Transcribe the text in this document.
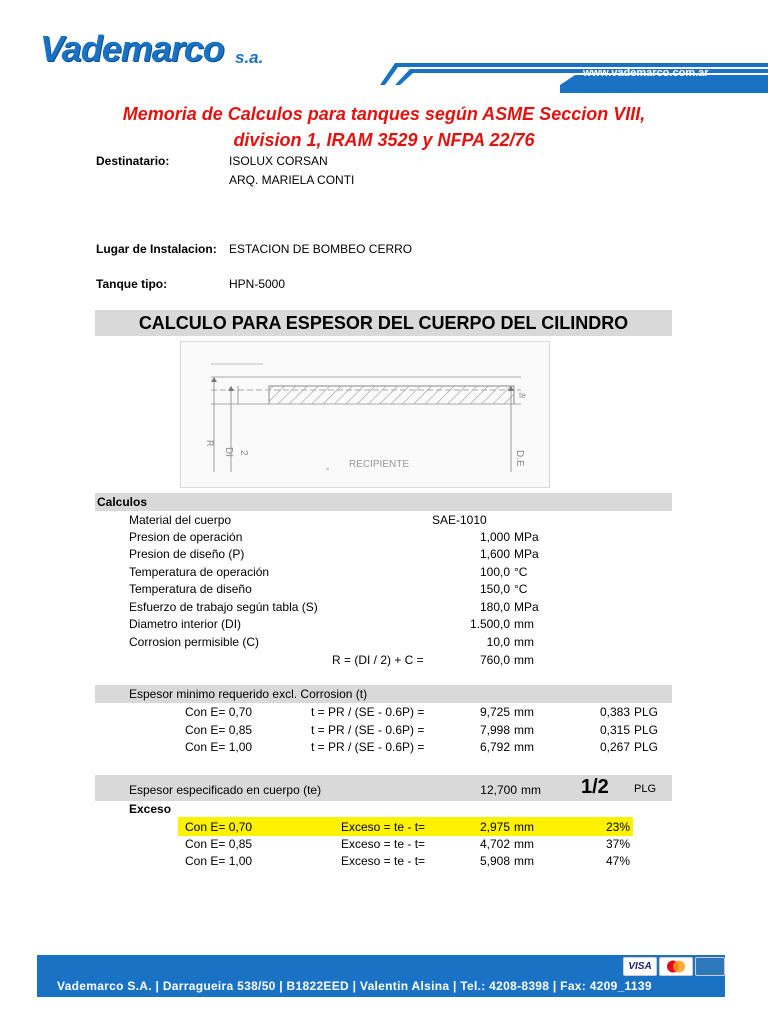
Vademarco s.a.
www.vademarco.com.ar
Memoria de Calculos para tanques según ASME Seccion VIII,
division 1, IRAM 3529 y NFPA 22/76
Destinatario:	ISOLUX CORSAN
ARQ. MARIELA CONTI
Lugar de Instalacion: ESTACION DE BOMBEO CERRO
Tanque tipo:	HPN-5000
CALCULO PARA ESPESOR DEL CUERPO DEL CILINDRO
R
DI 2	D.E
te
RECIPIENTE
Calculos
Material del cuerpo	SAE-1010
Presion de operación	1,000 MPa
Presion de diseño (P)	1,600 MPa
Temperatura de operación	100,0 °C
Temperatura de diseño	150,0 °C
Esfuerzo de trabajo según tabla (S)	180,0 MPa
Diametro interior (DI)	1.500,0 mm
Corrosion permisible (C)	10,0 mm
R = (DI / 2) + C =	760,0 mm
Espesor minimo requerido excl. Corrosion (t)
Con E= 0,70	t = PR / (SE - 0.6P) =	9,725 mm	0,383 PLG
Con E= 0,85	t = PR / (SE - 0.6P) =	7,998 mm	0,315 PLG
Con E= 1,00	t = PR / (SE - 0.6P) =	6,792 mm	0,267 PLG
Espesor especificado en cuerpo (te)	12,700 mm 1/2 PLG
Exceso
Con E= 0,70	Exceso = te - t=	2,975 mm	23%
Con E= 0,85	Exceso = te - t=	4,702 mm	37%
Con E= 1,00	Exceso = te - t=	5,908 mm	47%
VISA
Vademarco S.A. | Darragueira 538/50 | B1822EED | Valentin Alsina | Tel.: 4208-8398 | Fax: 4209_1139
